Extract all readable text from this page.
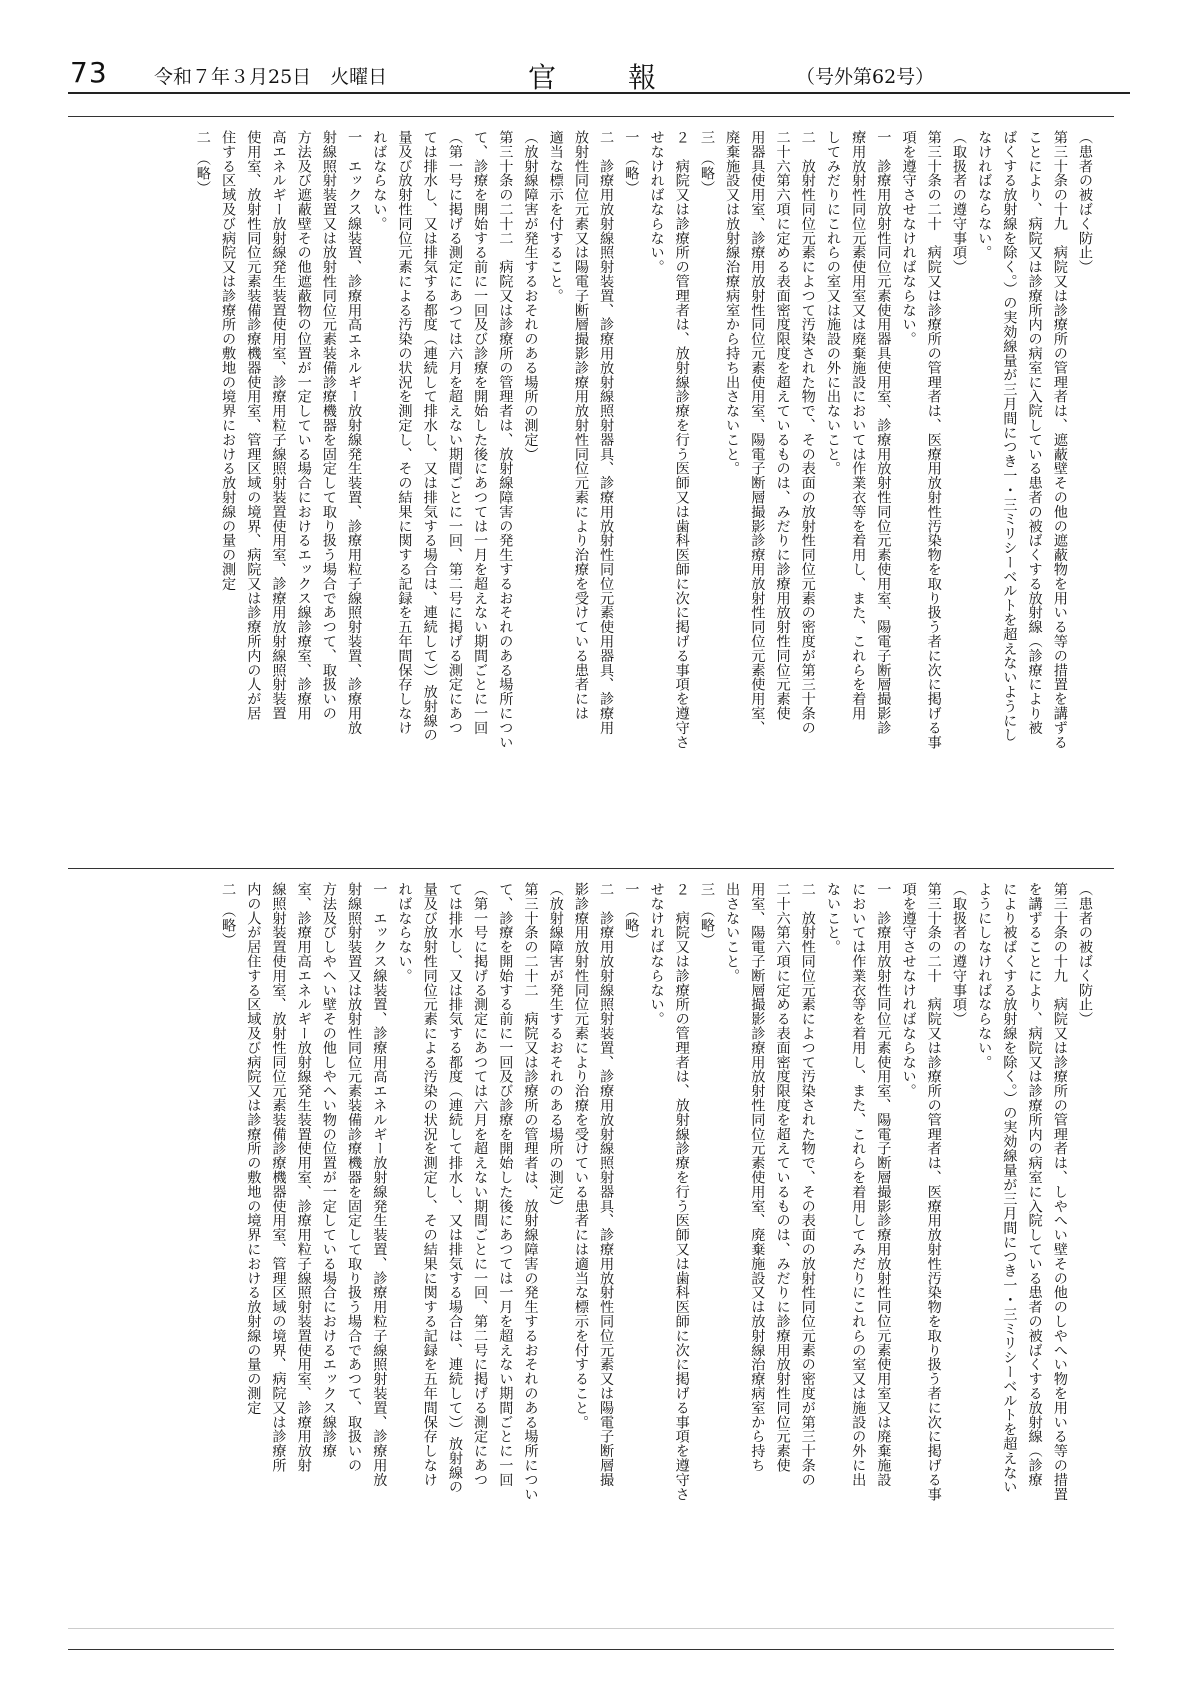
73 令和７年３月25日　火曜日	官報	（号外第62号）
（患者の被ばく防止）
第三十条の十九　病院又は診療所の管理者は、遮蔽壁その他の遮蔽物を用いる等の措置を講ずる
ことにより、病院又は診療所内の病室に入院している患者の被ばくする放射線（診療により被
ばくする放射線を除く。）の実効線量が三月間につき一・三ミリシーベルトを超えないようにし
なければならない。
（取扱者の遵守事項）
第三十条の二十　病院又は診療所の管理者は、医療用放射性汚染物を取り扱う者に次に掲げる事
項を遵守させなければならない。
一　診療用放射性同位元素使用器具使用室、診療用放射性同位元素使用室、陽電子断層撮影診
療用放射性同位元素使用室又は廃棄施設においては作業衣等を着用し、また、これらを着用
してみだりにこれらの室又は施設の外に出ないこと。
二　放射性同位元素によつて汚染された物で、その表面の放射性同位元素の密度が第三十条の
二十六第六項に定める表面密度限度を超えているものは、みだりに診療用放射性同位元素使
用器具使用室、診療用放射性同位元素使用室、陽電子断層撮影診療用放射性同位元素使用室、
廃棄施設又は放射線治療病室から持ち出さないこと。
三　（略）
２　病院又は診療所の管理者は、放射線診療を行う医師又は歯科医師に次に掲げる事項を遵守さ
せなければならない。
一　（略）
二　診療用放射線照射装置、診療用放射線照射器具、診療用放射性同位元素使用器具、診療用
放射性同位元素又は陽電子断層撮影診療用放射性同位元素により治療を受けている患者には
適当な標示を付すること。
（放射線障害が発生するおそれのある場所の測定）
第三十条の二十二　病院又は診療所の管理者は、放射線障害の発生するおそれのある場所につい
て、診療を開始する前に一回及び診療を開始した後にあつては一月を超えない期間ごとに一回
（第一号に掲げる測定にあつては六月を超えない期間ごとに一回、第二号に掲げる測定にあつ
ては排水し、又は排気する都度（連続して排水し、又は排気する場合は、連続して））放射線の
量及び放射性同位元素による汚染の状況を測定し、その結果に関する記録を五年間保存しなけ
ればならない。
一　エックス線装置、診療用高エネルギー放射線発生装置、診療用粒子線照射装置、診療用放
射線照射装置又は放射性同位元素装備診療機器を固定して取り扱う場合であつて、取扱いの
方法及び遮蔽壁その他遮蔽物の位置が一定している場合におけるエックス線診療室、診療用
高エネルギー放射線発生装置使用室、診療用粒子線照射装置使用室、診療用放射線照射装置
使用室、放射性同位元素装備診療機器使用室、管理区域の境界、病院又は診療所内の人が居
住する区域及び病院又は診療所の敷地の境界における放射線の量の測定
二　（略）
（患者の被ばく防止）
第三十条の十九　病院又は診療所の管理者は、しやへい壁その他のしやへい物を用いる等の措置
を講ずることにより、病院又は診療所内の病室に入院している患者の被ばくする放射線（診療
により被ばくする放射線を除く。）の実効線量が三月間につき一・三ミリシーベルトを超えない
ようにしなければならない。
（取扱者の遵守事項）
第三十条の二十　病院又は診療所の管理者は、医療用放射性汚染物を取り扱う者に次に掲げる事
項を遵守させなければならない。
一　診療用放射性同位元素使用室、陽電子断層撮影診療用放射性同位元素使用室又は廃棄施設
においては作業衣等を着用し、また、これらを着用してみだりにこれらの室又は施設の外に出
ないこと。
二　放射性同位元素によつて汚染された物で、その表面の放射性同位元素の密度が第三十条の
二十六第六項に定める表面密度限度を超えているものは、みだりに診療用放射性同位元素使
用室、陽電子断層撮影診療用放射性同位元素使用室、廃棄施設又は放射線治療病室から持ち
出さないこと。
三　（略）
２　病院又は診療所の管理者は、放射線診療を行う医師又は歯科医師に次に掲げる事項を遵守さ
せなければならない。
一　（略）
二　診療用放射線照射装置、診療用放射線照射器具、診療用放射性同位元素又は陽電子断層撮
影診療用放射性同位元素により治療を受けている患者には適当な標示を付すること。
（放射線障害が発生するおそれのある場所の測定）
第三十条の二十二　病院又は診療所の管理者は、放射線障害の発生するおそれのある場所につい
て、診療を開始する前に一回及び診療を開始した後にあつては一月を超えない期間ごとに一回
（第一号に掲げる測定にあつては六月を超えない期間ごとに一回、第二号に掲げる測定にあつ
ては排水し、又は排気する都度（連続して排水し、又は排気する場合は、連続して））放射線の
量及び放射性同位元素による汚染の状況を測定し、その結果に関する記録を五年間保存しなけ
ればならない。
一　エックス線装置、診療用高エネルギー放射線発生装置、診療用粒子線照射装置、診療用放
射線照射装置又は放射性同位元素装備診療機器を固定して取り扱う場合であつて、取扱いの
方法及びしやへい壁その他しやへい物の位置が一定している場合におけるエックス線診療
室、診療用高エネルギー放射線発生装置使用室、診療用粒子線照射装置使用室、診療用放射
線照射装置使用室、放射性同位元素装備診療機器使用室、管理区域の境界、病院又は診療所
内の人が居住する区域及び病院又は診療所の敷地の境界における放射線の量の測定
二　（略）
